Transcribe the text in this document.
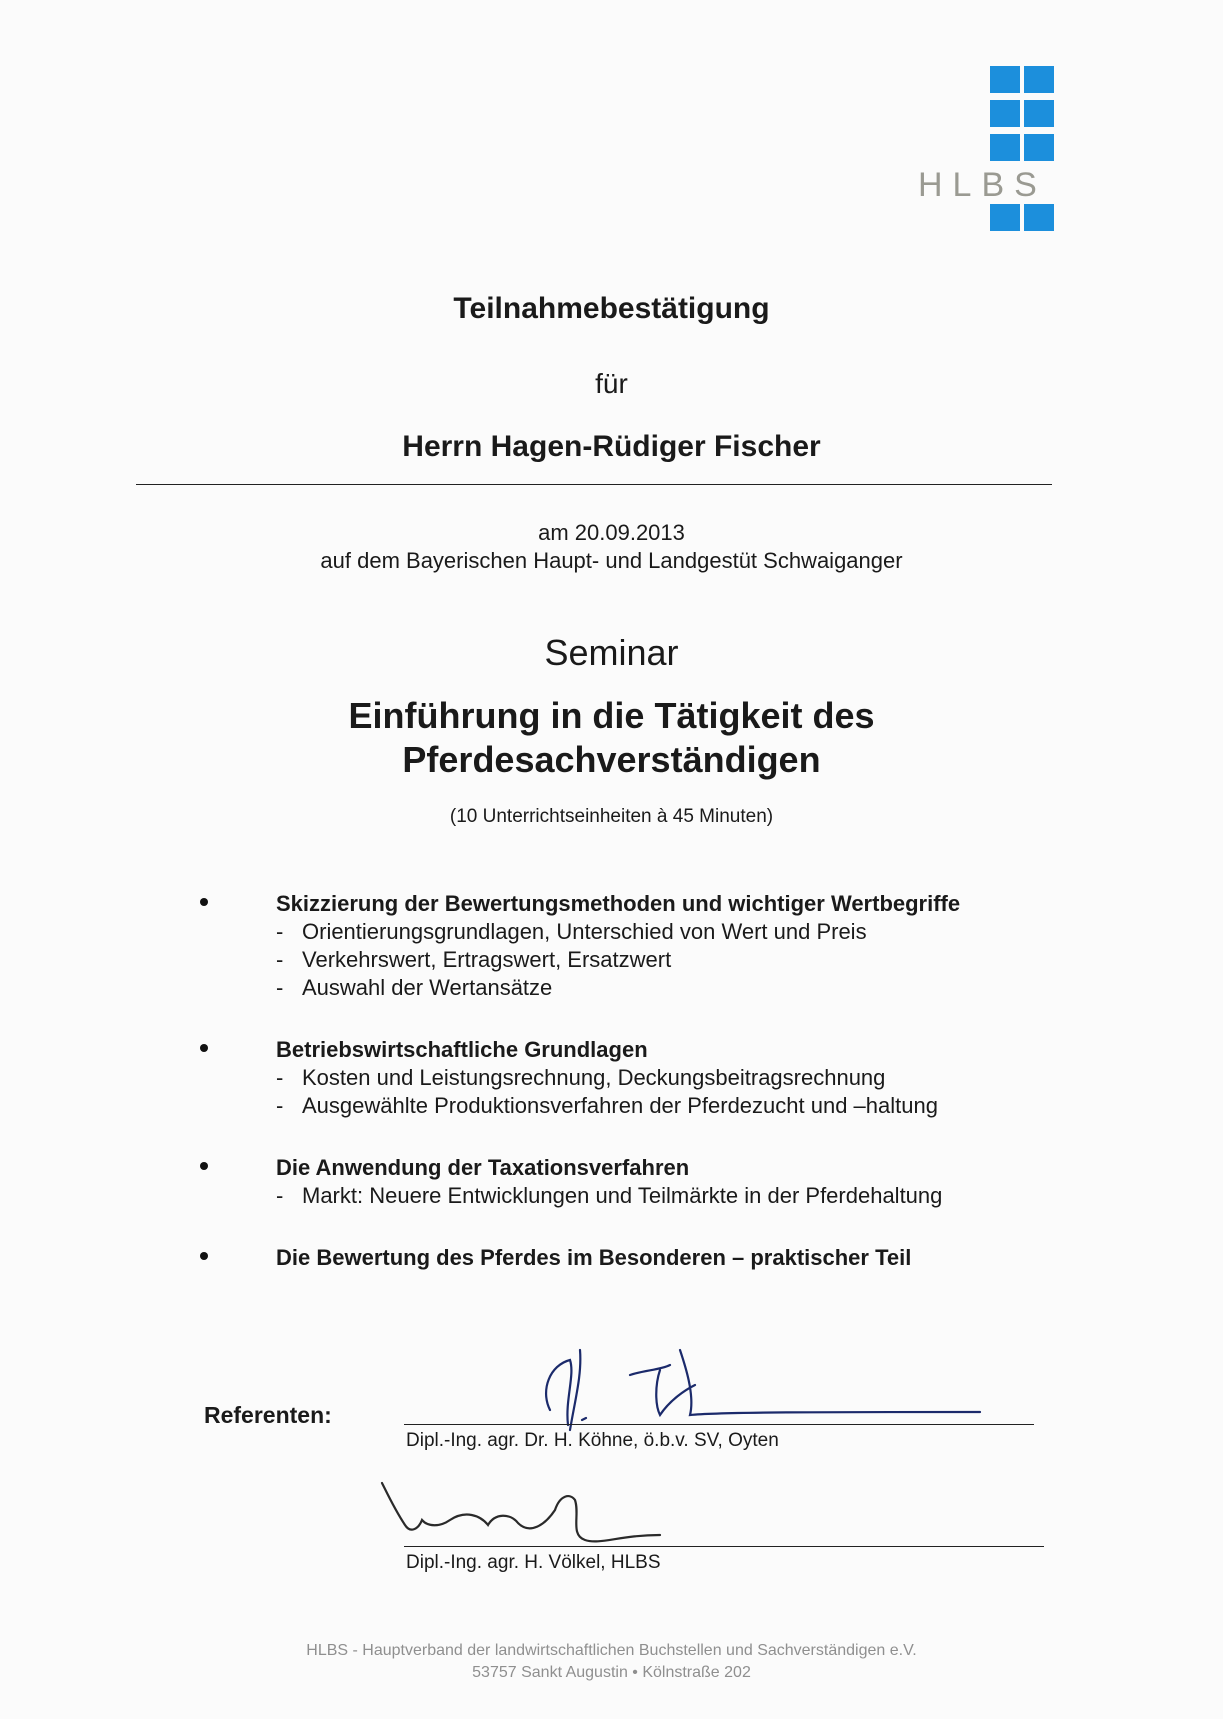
HLBS
Teilnahmebestätigung
für
Herrn Hagen-Rüdiger Fischer
am 20.09.2013
auf dem Bayerischen Haupt- und Landgestüt Schwaiganger
Seminar
Einführung in die Tätigkeit des
Pferdesachverständigen
(10 Unterrichtseinheiten à 45 Minuten)
Skizzierung der Bewertungsmethoden und wichtiger Wertbegriffe
- Orientierungsgrundlagen, Unterschied von Wert und Preis
- Verkehrswert, Ertragswert, Ersatzwert
- Auswahl der Wertansätze
Betriebswirtschaftliche Grundlagen
- Kosten und Leistungsrechnung, Deckungsbeitragsrechnung
- Ausgewählte Produktionsverfahren der Pferdezucht und –haltung
Die Anwendung der Taxationsverfahren
- Markt: Neuere Entwicklungen und Teilmärkte in der Pferdehaltung
Die Bewertung des Pferdes im Besonderen – praktischer Teil
Referenten:
Dipl.-Ing. agr. Dr. H. Köhne, ö.b.v. SV, Oyten
Dipl.-Ing. agr. H. Völkel, HLBS
HLBS - Hauptverband der landwirtschaftlichen Buchstellen und Sachverständigen e.V.
53757 Sankt Augustin • Kölnstraße 202
